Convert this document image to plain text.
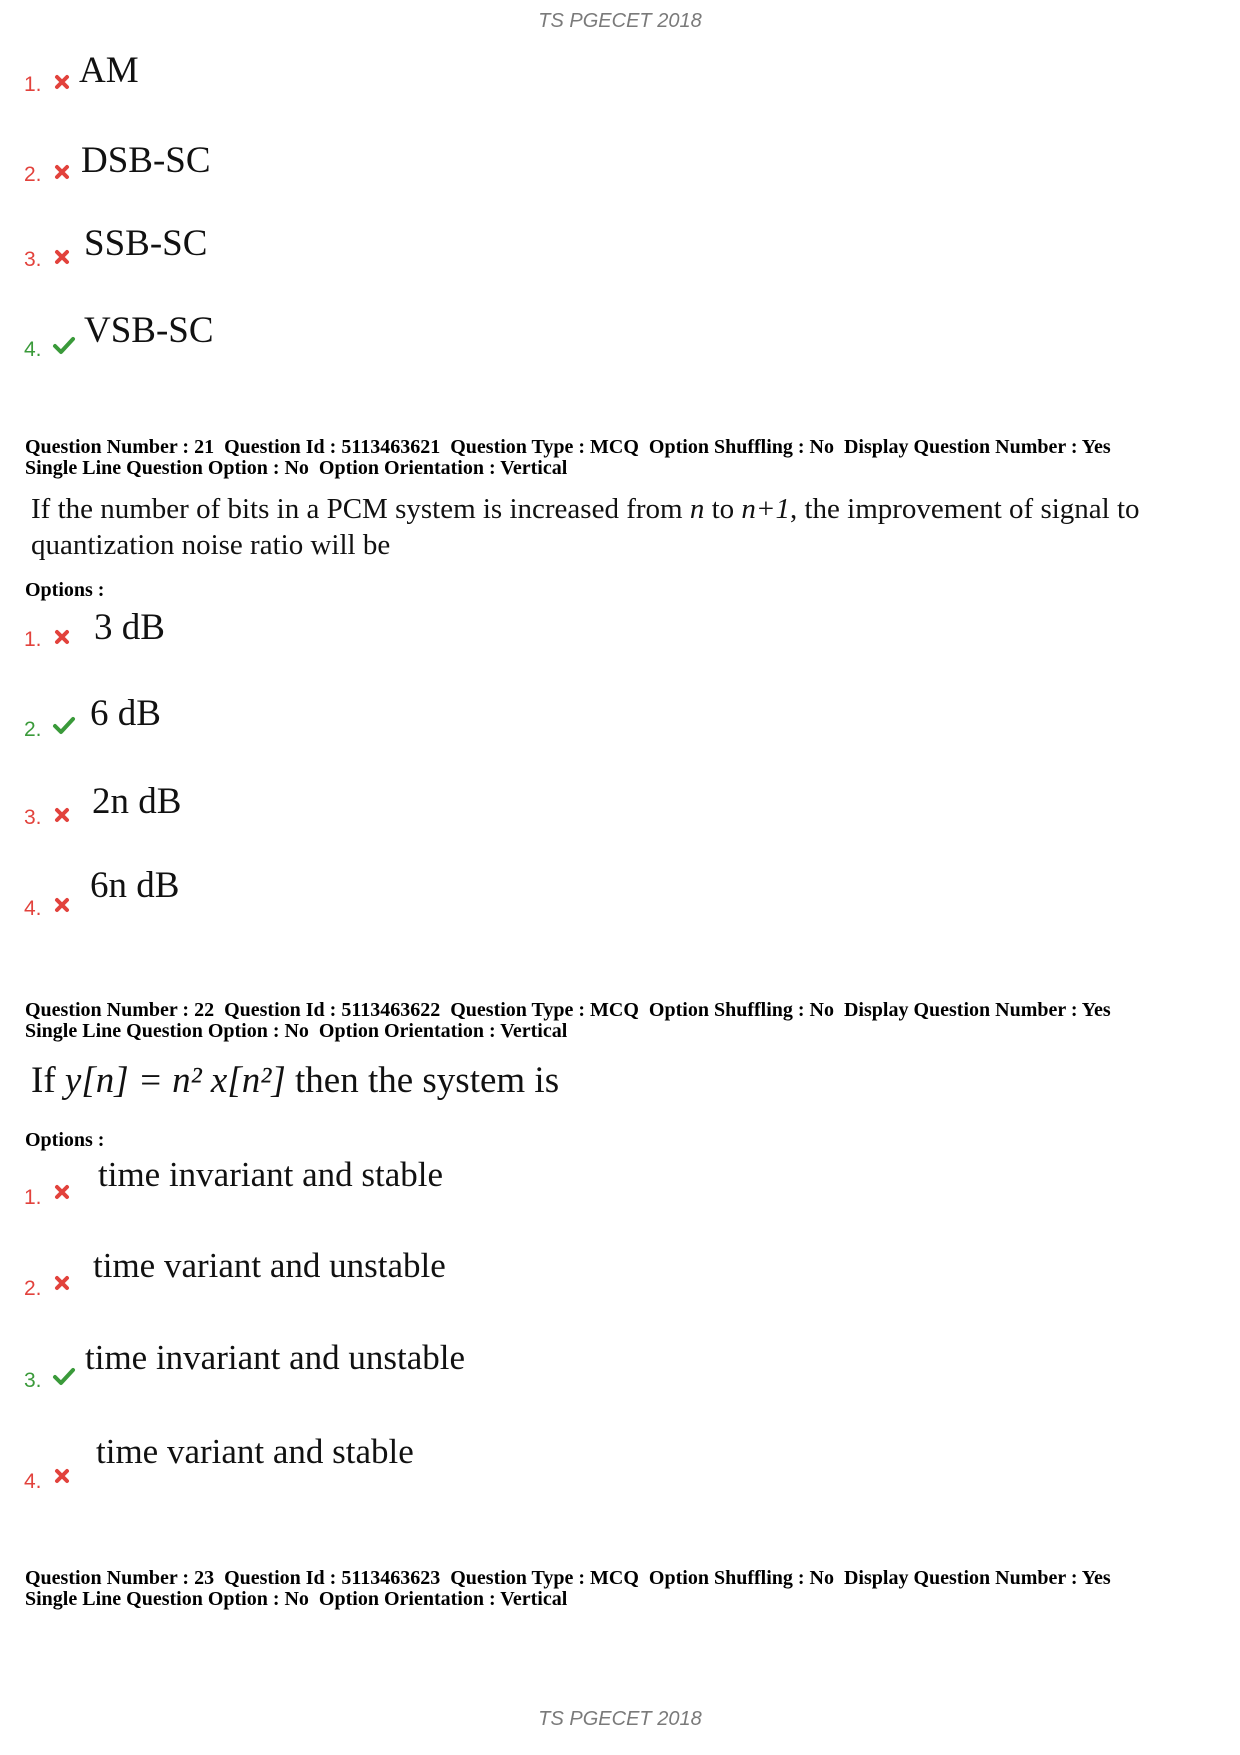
TS PGECET 2018
1. AM
2. DSB-SC
3. SSB-SC
4. VSB-SC
Question Number : 21  Question Id : 5113463621  Question Type : MCQ  Option Shuffling : No  Display Question Number : Yes
Single Line Question Option : No  Option Orientation : Vertical
If the number of bits in a PCM system is increased from n to n+1, the improvement of signal to
quantization noise ratio will be
Options :
1. 3 dB
2. 6 dB
3. 2n dB
4.
6n dB
Question Number : 22  Question Id : 5113463622  Question Type : MCQ  Option Shuffling : No  Display Question Number : Yes
Single Line Question Option : No  Option Orientation : Vertical
If y[n] = n² x[n²] then the system is
Options :
1.
time invariant and stable
2.
time variant and unstable
3.
time invariant and unstable
4.
time variant and stable
Question Number : 23  Question Id : 5113463623  Question Type : MCQ  Option Shuffling : No  Display Question Number : Yes
Single Line Question Option : No  Option Orientation : Vertical
TS PGECET 2018
